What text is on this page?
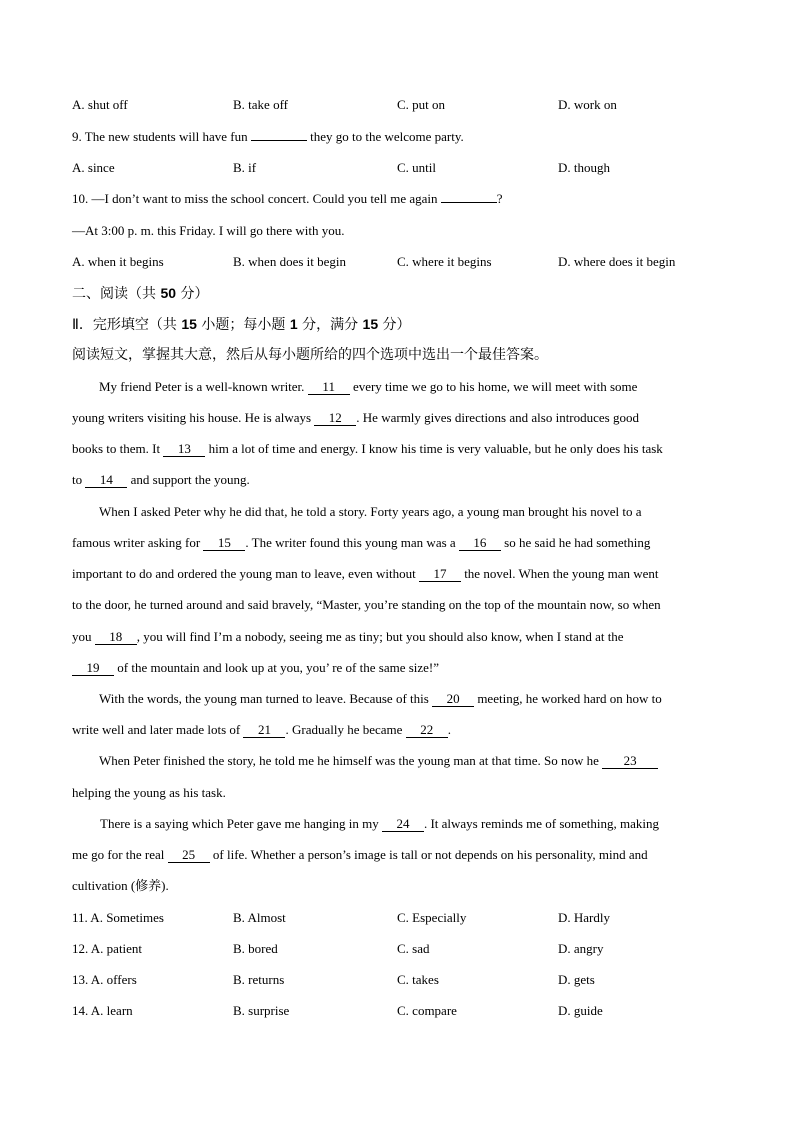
A. shut off	B. take off	C. put on	D. work on
9. The new students will have fun	they go to the welcome party.
A. since	B. if	C. until	D. though
10. —I don’t want to miss the school concert. Could you tell me again	?
—At 3:00 p. m. this Friday. I will go there with you.
A. when it begins	B. when does it begin	C. where it begins	D. where does it begin
二、阅读（共 50 分）
Ⅱ．完形填空（共 15 小题；每小题 1 分，满分 15 分）
阅读短文，掌握其大意，然后从每小题所给的四个选项中选出一个最佳答案。
My friend Peter is a well-known writer. 11 every time we go to his home, we will meet with some
young writers visiting his house. He is always 12 . He warmly gives directions and also introduces good
books to them. It 13 him a lot of time and energy. I know his time is very valuable, but he only does his task
to 14 and support the young.
When I asked Peter why he did that, he told a story. Forty years ago, a young man brought his novel to a
famous writer asking for 15 . The writer found this young man was a 16 so he said he had something
important to do and ordered the young man to leave, even without 17 the novel. When the young man went
to the door, he turned around and said bravely, “Master, you’re standing on the top of the mountain now, so when
you 18 , you will find I’m a nobody, seeing me as tiny; but you should also know, when I stand at the
19 of the mountain and look up at you, you’ re of the same size!”
With the words, the young man turned to leave. Because of this 20 meeting, he worked hard on how to
write well and later made lots of 21 . Gradually he became 22 .
When Peter finished the story, he told me he himself was the young man at that time. So now he 23
helping the young as his task.
There is a saying which Peter gave me hanging in my 24 . It always reminds me of something, making
me go for the real 25 of life. Whether a person’s image is tall or not depends on his personality, mind and
cultivation (修养).
11. A. Sometimes	B. Almost	C. Especially	D. Hardly
12. A. patient	B. bored	C. sad	D. angry
13. A. offers	B. returns	C. takes	D. gets
14. A. learn	B. surprise	C. compare	D. guide
